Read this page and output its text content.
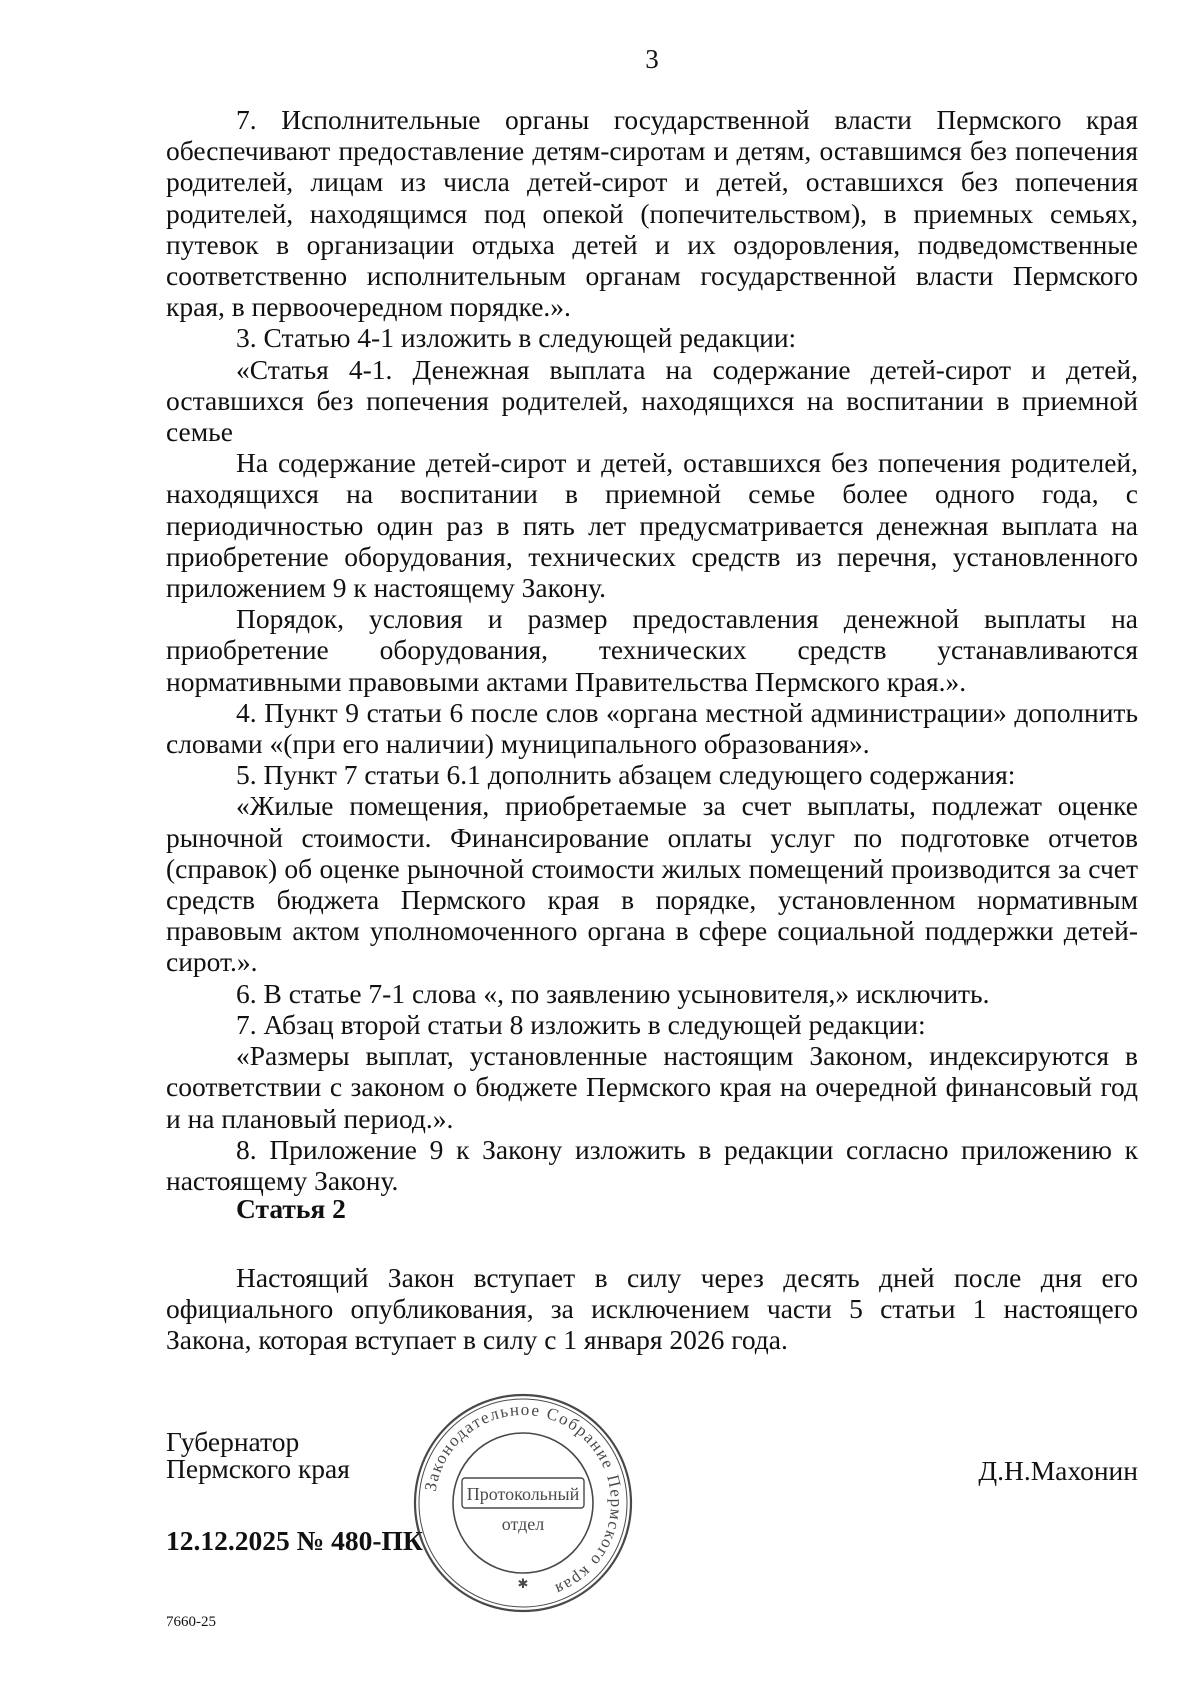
3

7. Исполнительные органы государственной власти Пермского края обеспечивают предоставление детям-сиротам и детям, оставшимся без попечения родителей, лицам из числа детей-сирот и детей, оставшихся без попечения родителей, находящимся под опекой (попечительством), в приемных семьях, путевок в организации отдыха детей и их оздоровления, подведомственные соответственно исполнительным органам государственной власти Пермского края, в первоочередном порядке.».

3. Статью 4-1 изложить в следующей редакции:

«Статья 4-1. Денежная выплата на содержание детей-сирот и детей, оставшихся без попечения родителей, находящихся на воспитании в приемной семье

На содержание детей-сирот и детей, оставшихся без попечения родителей, находящихся на воспитании в приемной семье более одного года, с периодичностью один раз в пять лет предусматривается денежная выплата на приобретение оборудования, технических средств из перечня, установленного приложением 9 к настоящему Закону.

Порядок, условия и размер предоставления денежной выплаты на приобретение оборудования, технических средств устанавливаются нормативными правовыми актами Правительства Пермского края.».

4. Пункт 9 статьи 6 после слов «органа местной администрации» дополнить словами «(при его наличии) муниципального образования».

5. Пункт 7 статьи 6.1 дополнить абзацем следующего содержания:

«Жилые помещения, приобретаемые за счет выплаты, подлежат оценке рыночной стоимости. Финансирование оплаты услуг по подготовке отчетов (справок) об оценке рыночной стоимости жилых помещений производится за счет средств бюджета Пермского края в порядке, установленном нормативным правовым актом уполномоченного органа в сфере социальной поддержки детей-сирот.».

6. В статье 7-1 слова «, по заявлению усыновителя,» исключить.

7. Абзац второй статьи 8 изложить в следующей редакции:

«Размеры выплат, установленные настоящим Законом, индексируются в соответствии с законом о бюджете Пермского края на очередной финансовый год и на плановый период.».

8. Приложение 9 к Закону изложить в редакции согласно приложению к настоящему Закону.

Статья 2

Настоящий Закон вступает в силу через десять дней после дня его официального опубликования, за исключением части 5 статьи 1 настоящего Закона, которая вступает в силу с 1 января 2026 года.

Губернатор
Пермского края	Д.Н.Махонин
12.12.2025 № 480-ПК
7660-25
Законодательное Собрание Пермского края
Протокольный
отдел
✱
